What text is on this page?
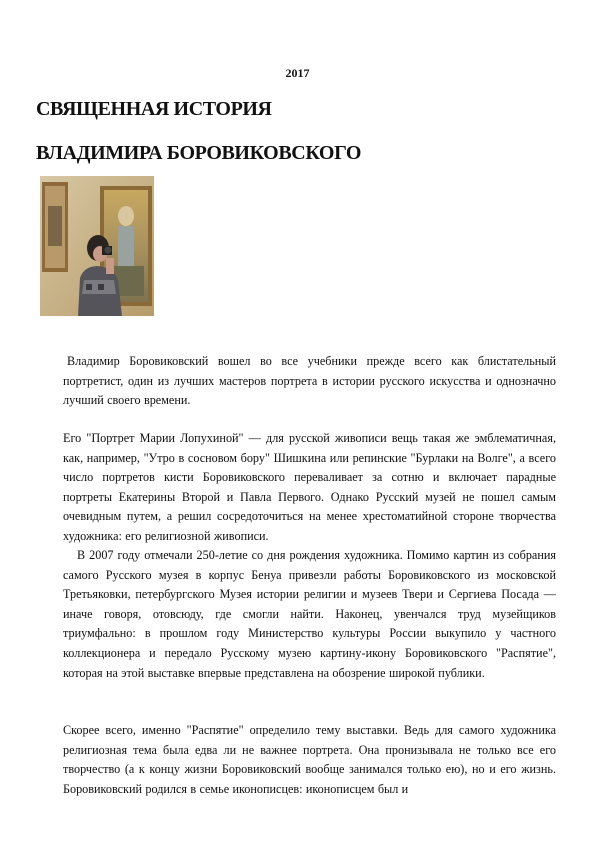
2017
СВЯЩЕННАЯ ИСТОРИЯ
ВЛАДИМИРА БОРОВИКОВСКОГО
Владимир Боровиковский вошел во все учебники прежде всего как блистательный портретист, один из лучших мастеров портрета в истории русского искусства и однозначно лучший своего времени.
Его "Портрет Марии Лопухиной" — для русской живописи вещь такая же эмблематичная, как, например, "Утро в сосновом бору" Шишкина или репинские "Бурлаки на Волге", а всего число портретов кисти Боровиковского переваливает за сотню и включает парадные портреты Екатерины Второй и Павла Первого. Однако Русский музей не пошел самым очевидным путем, а решил сосредоточиться на менее хрестоматийной стороне творчества художника: его религиозной живописи.
В 2007 году отмечали 250-летие со дня рождения художника. Помимо картин из собрания самого Русского музея в корпус Бенуа привезли работы Боровиковского из московской Третьяковки, петербургского Музея истории религии и музеев Твери и Сергиева Посада — иначе говоря, отовсюду, где смогли найти. Наконец, увенчался труд музейщиков триумфально: в прошлом году Министерство культуры России выкупило у частного коллекционера и передало Русскому музею картину-икону Боровиковского "Распятие", которая на этой выставке впервые представлена на обозрение широкой публики.
Скорее всего, именно "Распятие" определило тему выставки. Ведь для самого художника религиозная тема была едва ли не важнее портрета. Она пронизывала не только все его творчество (а к концу жизни Боровиковский вообще занимался только ею), но и его жизнь. Боровиковский родился в семье иконописцев: иконописцем был и
